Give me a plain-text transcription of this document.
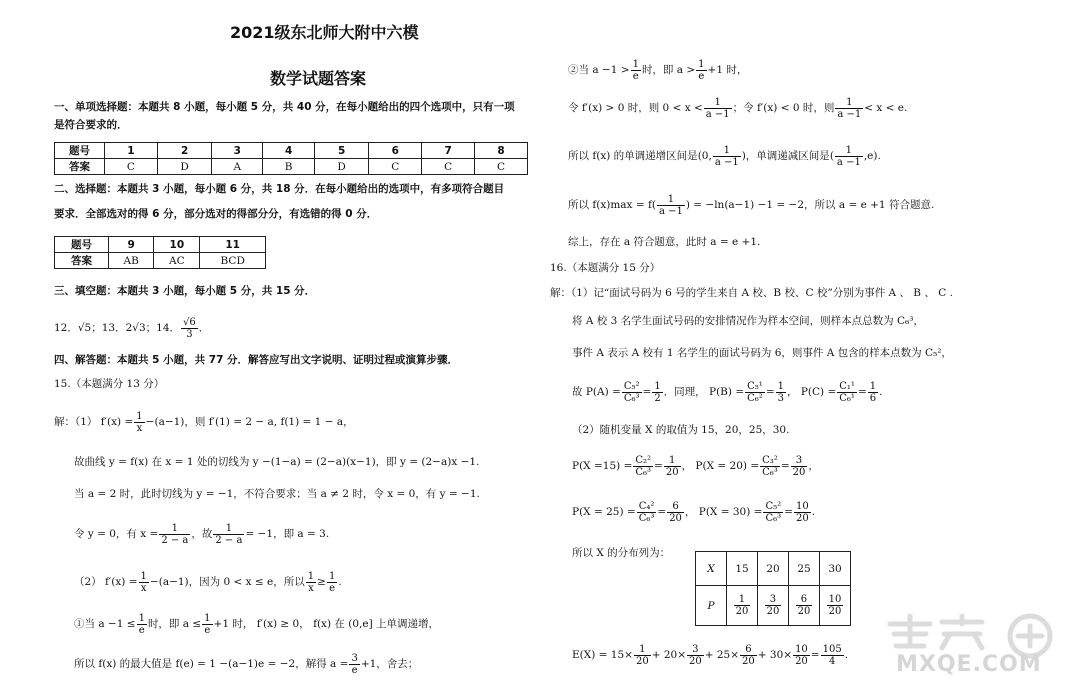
2021级东北师大附中六模
数学试题答案
一、单项选择题：本题共 8 小题，每小题 5 分，共 40 分，在每小题给出的四个选项中，只有一项
是符合要求的．
题号	1	2	3	4	5	6	7	8
答案	C	D	A	B	D	C	C	C
二、选择题：本题共 3 小题，每小题 6 分，共 18 分．在每小题给出的选项中，有多项符合题目
要求．全部选对的得 6 分，部分选对的得部分分，有选错的得 0 分．
题号	9	10	11
答案	AB	AC	BCD
三、填空题：本题共 3 小题，每小题 5 分，共 15 分．
12．√5；13．2√3；14． $\frac{√6}{3}$ ．
四、解答题：本题共 5 小题，共 77 分．解答应写出文字说明、证明过程或演算步骤．
15.（本题满分 13 分）
解：（1） $f'(x) = \frac{1}{x} -(a-1)$，则 f′(1) = 2 − a, f(1) = 1 − a，
故曲线 y = f(x) 在 x = 1 处的切线为 y −(1−a) = (2−a)(x−1)，即 y = (2−a)x −1.
当 a = 2 时，此时切线为 y = −1，不符合要求；当 a ≠ 2 时，令 x = 0，有 y = −1.
令 y = 0，有 $x = \frac{1}{2 - a}$ ，故 $\frac{1}{2 - a} = -1$，即 a = 3.
（2） $f'(x) = \frac{1}{x} -(a-1)$，因为 0 < x ≤ e，所以 $\frac{1}{x} \ge \frac{1}{e}$ .
①当 $a -1 \le \frac{1}{e}$ 时，即 $a \le \frac{1}{e} +1$ 时， f′(x) ≥ 0， f(x) 在 (0,e] 上单调递增，
所以 f(x) 的最大值是 f(e) = 1 −(a−1)e = −2，解得 $a = \frac{3}{e} +1$，舍去；
②当 $a -1 > \frac{1}{e}$ 时，即 $a > \frac{1}{e} +1$ 时，
令 f′(x) > 0 时，则 $0 < x < \frac{1}{a -1}$ ；令 f′(x) < 0 时，则 $\frac{1}{a -1} < x < e$.
所以 f(x) 的单调递增区间是(0, $\frac{1}{a -1}$ )，单调递减区间是( $\frac{1}{a -1} ,e$).
所以 $f(x)\max = f( \frac{1}{a -1}$ ) = −ln(a−1) −1 = −2，所以 a = e +1 符合题意.
综上，存在 a 符合题意，此时 a = e +1.
16.（本题满分 15 分）
解：（1）记“面试号码为 6 号的学生来自 A 校、B 校、C 校”分别为事件 A 、 B 、 C .
将 A 校 3 名学生面试号码的安排情况作为样本空间，则样本点总数为 C₆³，
事件 A 表示 A 校有 1 名学生的面试号码为 6，则事件 A 包含的样本点数为 C₅²，
故 $P(A) = \frac{\text{C₅²}}{\text{C₆³}} = \frac{1}{2}$ ．同理， $P(B) = \frac{\text{C₅¹}}{\text{C₆²}} = \frac{1}{3}$ ， $P(C) = \frac{\text{C₁¹}}{\text{C₆¹}} = \frac{1}{6}$ .
（2）随机变量 X 的取值为 15，20，25，30.
$P(X =15) = \frac{\text{C₂²}}{\text{C₆³}} = \frac{1}{20}$ ， $P(X = 20) = \frac{\text{C₃²}}{\text{C₆³}} = \frac{3}{20}$ ，
$P(X = 25) = \frac{\text{C₄²}}{\text{C₆³}} = \frac{6}{20}$ ， $P(X = 30) = \frac{\text{C₅²}}{\text{C₆³}} = \frac{10}{20}$ .
所以 X 的分布列为：
X	15	20	25	30
P	$\frac{1}{20}$	$\frac{3}{20}$	$\frac{6}{20}$	$\frac{10}{20}$
$E(X) = 15\times \frac{1}{20} + 20\times \frac{3}{20} + 25\times \frac{6}{20} + 30\times \frac{10}{20} = \frac{105}{4}$ . MXQE.COM
